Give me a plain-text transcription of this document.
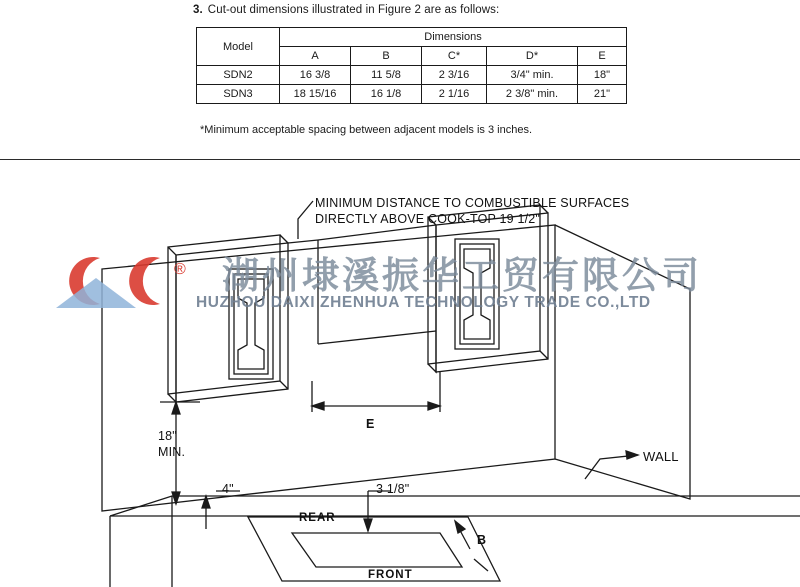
3. Cut-out dimensions illustrated in Figure 2 are as follows:
Model	Dimensions				
	A	B	C*	D*	E
SDN2	16 3/8	11 5/8	2 3/16	3/4" min.	18"
SDN3	18 15/16	16 1/8	2 1/16	2 3/8" min.	21"
*Minimum acceptable spacing between adjacent models is 3 inches.
MINIMUM DISTANCE TO COMBUSTIBLE SURFACES
DIRECTLY ABOVE COOK-TOP 19 1/2"
WALL
18"
MIN.
4"	3 1/8"
E
B
REAR
FRONT
® 湖州埭溪振华工贸有限公司
HUZHOU DAIXI ZHENHUA TECHNOLOGY TRADE CO.,LTD
